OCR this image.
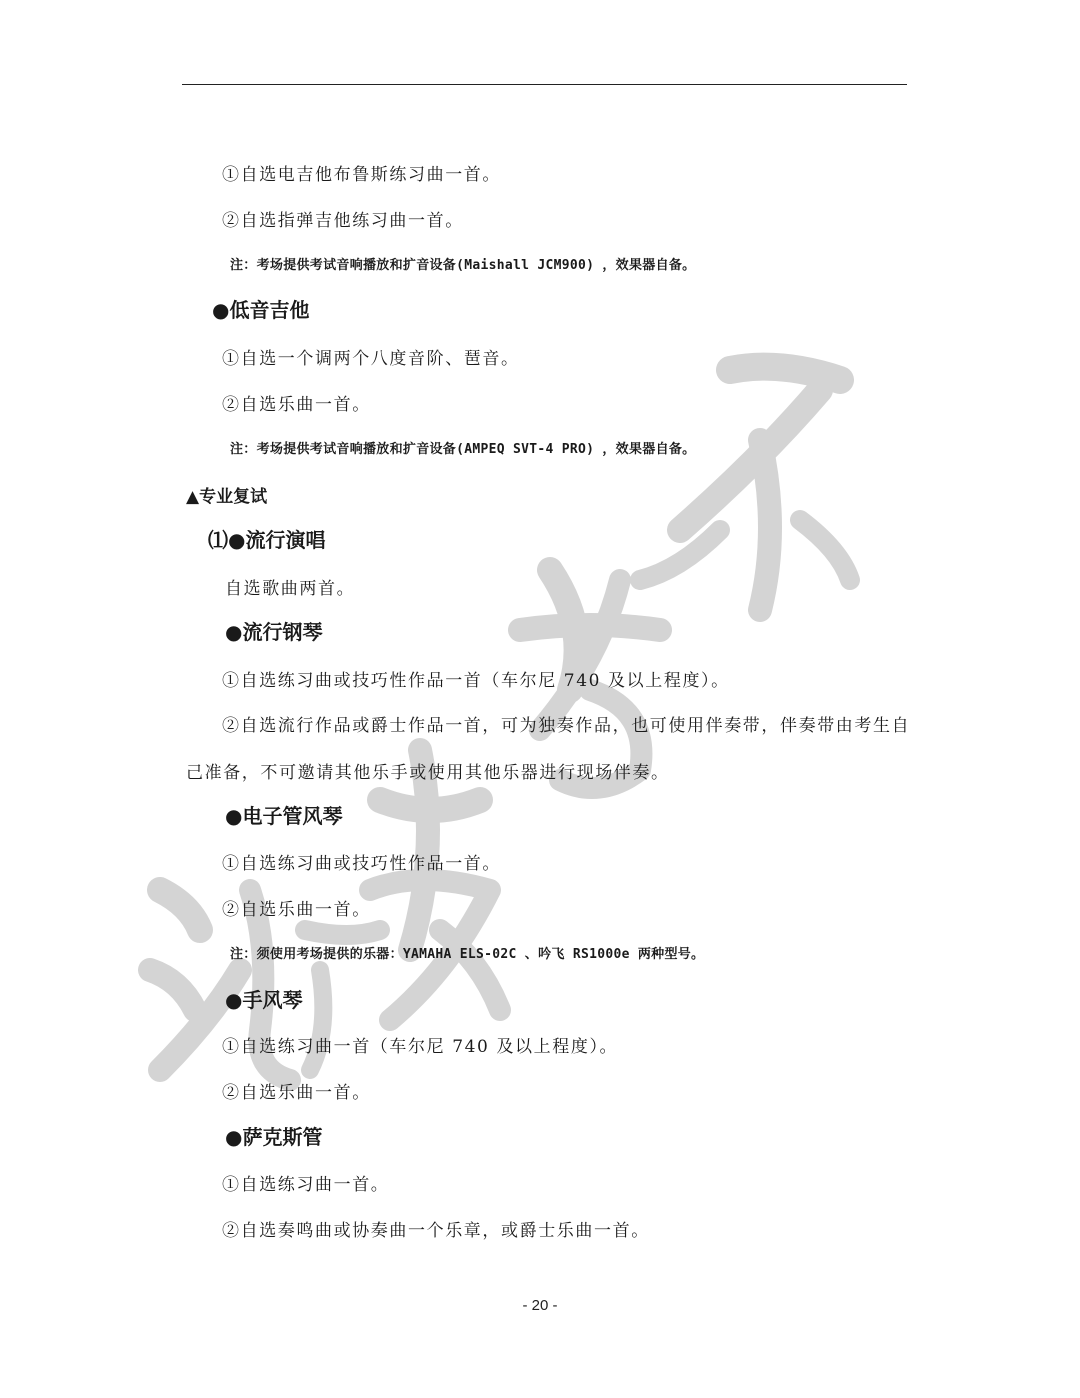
①自选电吉他布鲁斯练习曲一首。
②自选指弹吉他练习曲一首。
注：考场提供考试音响播放和扩音设备(Maishall JCM900) ，效果器自备。
●低音吉他
①自选一个调两个八度音阶、琶音。
②自选乐曲一首。
注：考场提供考试音响播放和扩音设备(AMPEQ SVT-4 PRO) ，效果器自备。
▲专业复试
⑴●流行演唱
自选歌曲两首。
●流行钢琴
①自选练习曲或技巧性作品一首（车尔尼 740 及以上程度）。
②自选流行作品或爵士作品一首，可为独奏作品，也可使用伴奏带，伴奏带由考生自
己准备，不可邀请其他乐手或使用其他乐器进行现场伴奏。
●电子管风琴
①自选练习曲或技巧性作品一首。
②自选乐曲一首。
注：须使用考场提供的乐器：YAMAHA ELS-02C 、吟飞 RS1000e 两种型号。
●手风琴
①自选练习曲一首（车尔尼 740 及以上程度）。
②自选乐曲一首。
●萨克斯管
①自选练习曲一首。
②自选奏鸣曲或协奏曲一个乐章，或爵士乐曲一首。
- 20 -
